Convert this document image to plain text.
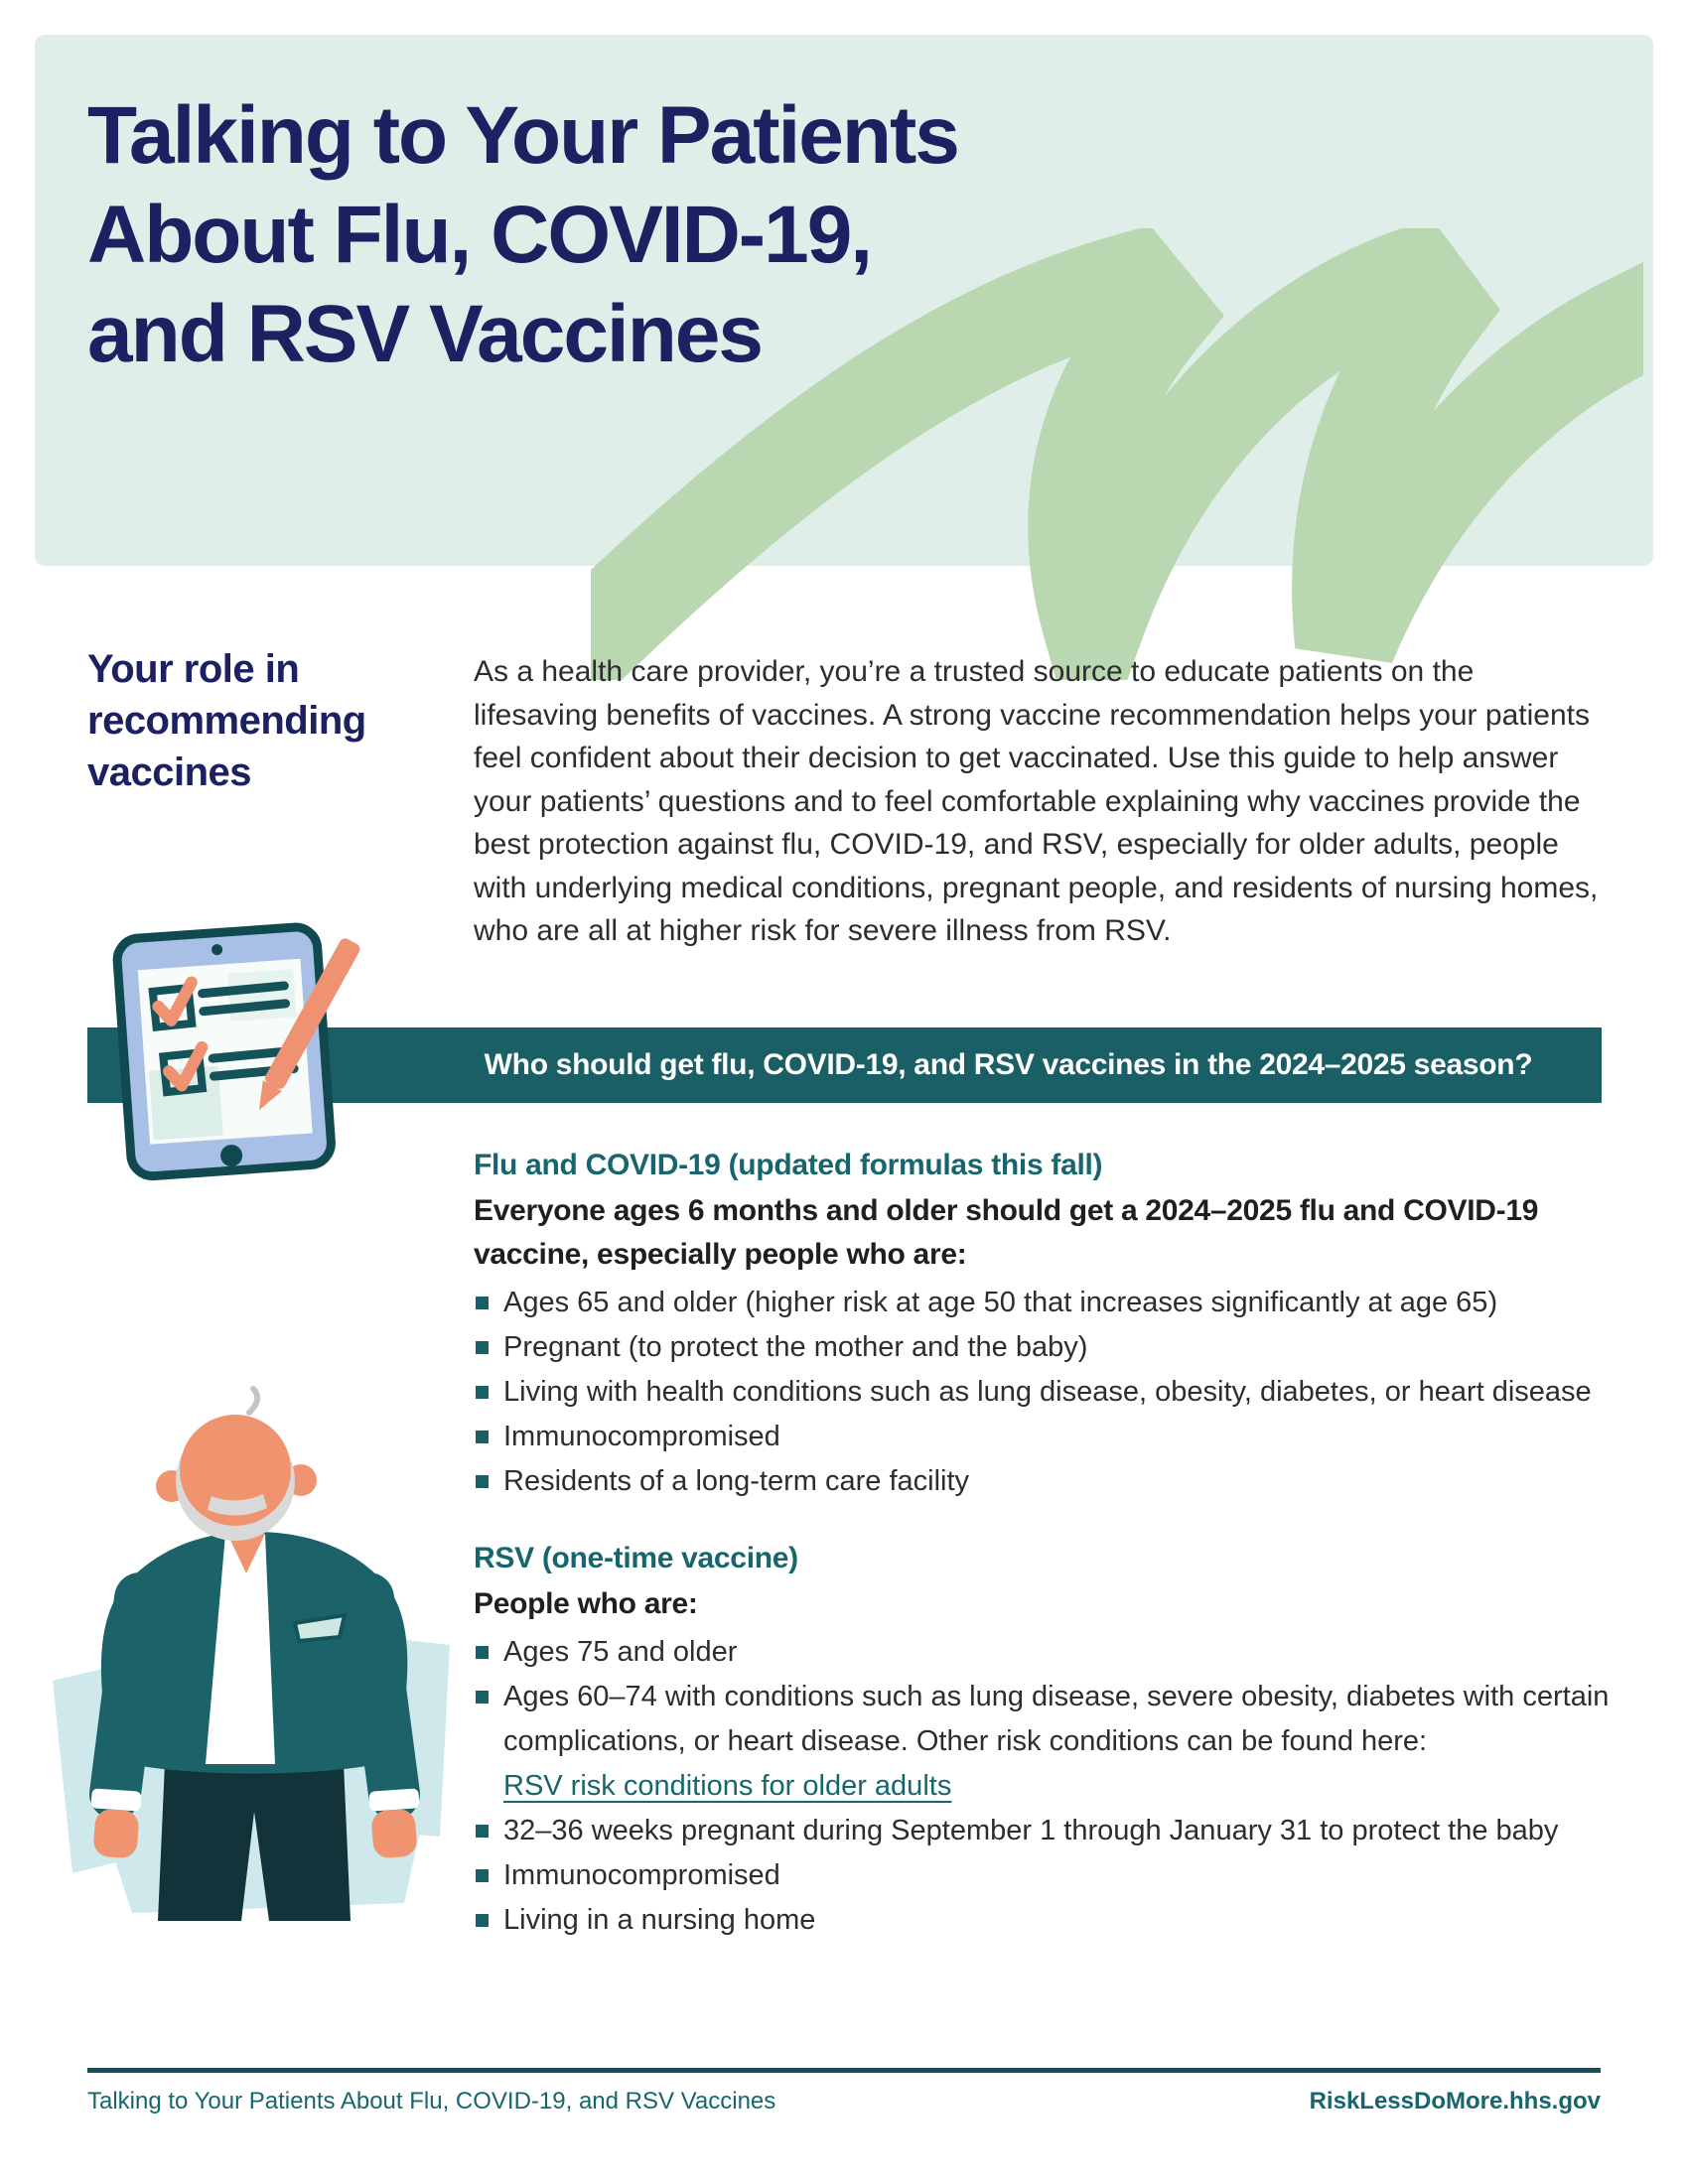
Talking to Your Patients
About Flu, COVID-19,
and RSV Vaccines
Your role in
recommending
vaccines

As a health care provider, you’re a trusted source to educate patients on the lifesaving benefits of vaccines. A strong vaccine recommendation helps your patients feel confident about their decision to get vaccinated. Use this guide to help answer your patients’ questions and to feel comfortable explaining why vaccines provide the best protection against flu, COVID-19, and RSV, especially for older adults, people with underlying medical conditions, pregnant people, and residents of nursing homes, who are all at higher risk for severe illness from RSV.

Who should get flu, COVID-19, and RSV vaccines in the 2024–2025 season?
Flu and COVID-19 (updated formulas this fall)
Everyone ages 6 months and older should get a 2024–2025 flu and COVID-19 vaccine, especially people who are:
Ages 65 and older (higher risk at age 50 that increases significantly at age 65)
Pregnant (to protect the mother and the baby)
Living with health conditions such as lung disease, obesity, diabetes, or heart disease
Immunocompromised
Residents of a long-term care facility
RSV (one-time vaccine)
People who are:
Ages 75 and older
Ages 60–74 with conditions such as lung disease, severe obesity, diabetes with certain complications, or heart disease. Other risk conditions can be found here:
RSV risk conditions for older adults
32–36 weeks pregnant during September 1 through January 31 to protect the baby
Immunocompromised
Living in a nursing home
Talking to Your Patients About Flu, COVID-19, and RSV Vaccines	RiskLessDoMore.hhs.gov
